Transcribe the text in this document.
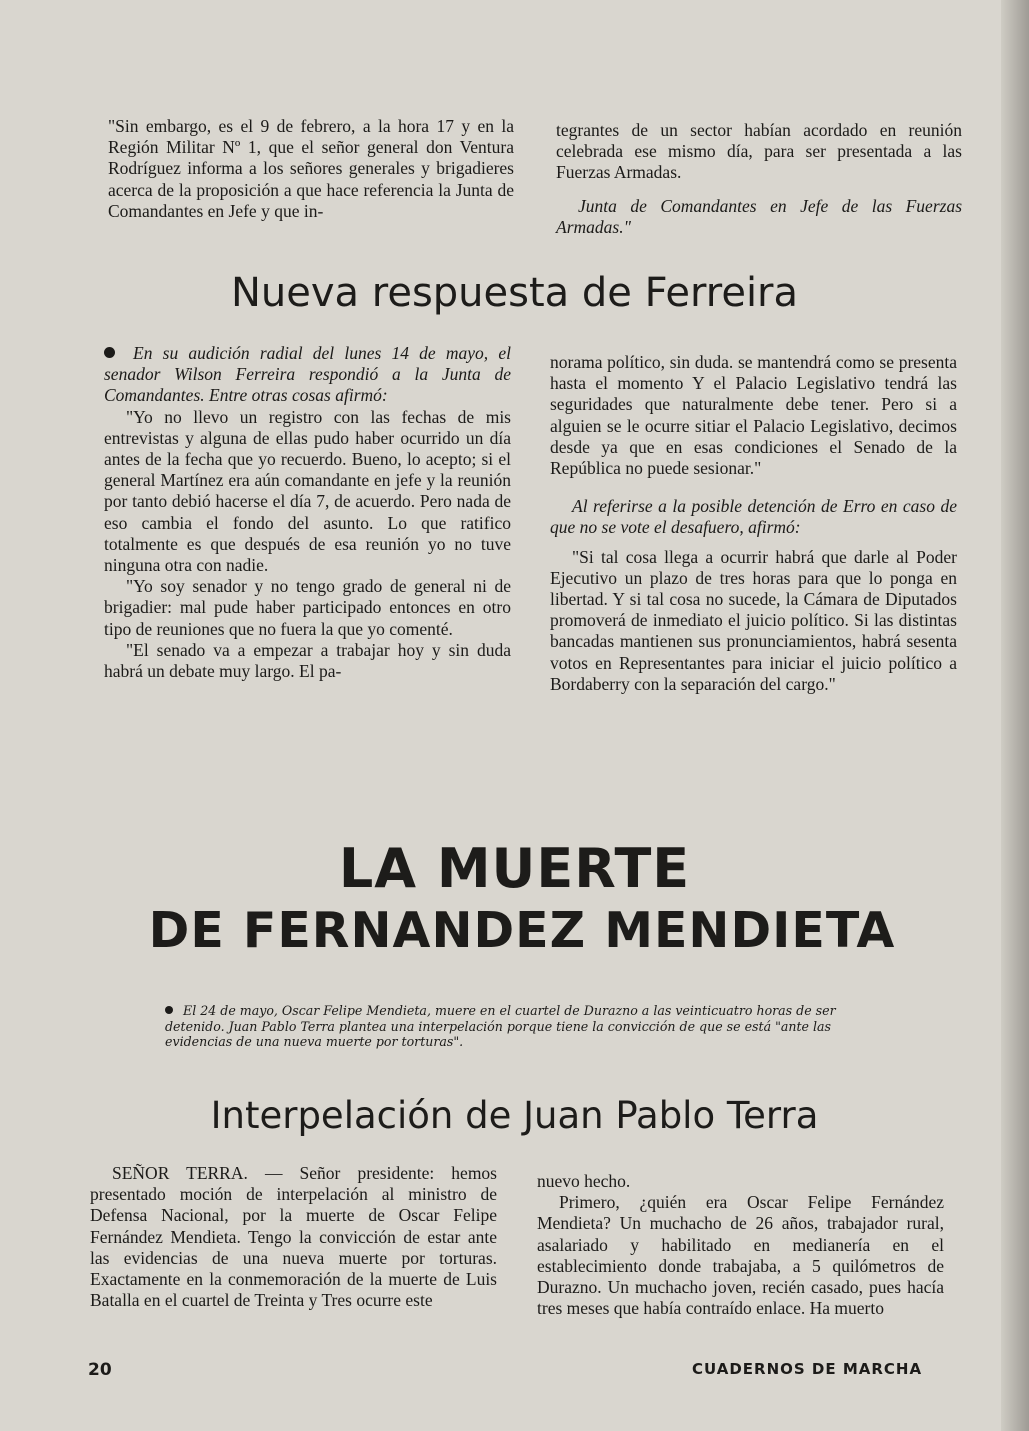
"Sin embargo, es el 9 de febrero, a la hora 17 y en la Región Militar Nº 1, que el señor general don Ventura Rodríguez informa a los señores generales y brigadieres acerca de la proposición a que hace referencia la Junta de Comandantes en Jefe y que in-

tegrantes de un sector habían acordado en reunión celebrada ese mismo día, para ser presentada a las Fuerzas Armadas.

Junta de Comandantes en Jefe de las Fuerzas Armadas."

Nueva respuesta de Ferreira

En su audición radial del lunes 14 de mayo, el senador Wilson Ferreira respondió a la Junta de Comandantes. Entre otras cosas afirmó:

"Yo no llevo un registro con las fechas de mis entrevistas y alguna de ellas pudo haber ocurrido un día antes de la fecha que yo recuerdo. Bueno, lo acepto; si el general Martínez era aún comandante en jefe y la reunión por tanto debió hacerse el día 7, de acuerdo. Pero nada de eso cambia el fondo del asunto. Lo que ratifico totalmente es que después de esa reunión yo no tuve ninguna otra con nadie.

"Yo soy senador y no tengo grado de general ni de brigadier: mal pude haber participado entonces en otro tipo de reuniones que no fuera la que yo comenté.

"El senado va a empezar a trabajar hoy y sin duda habrá un debate muy largo. El pa-

norama político, sin duda. se mantendrá como se presenta hasta el momento Y el Palacio Legislativo tendrá las seguridades que naturalmente debe tener. Pero si a alguien se le ocurre sitiar el Palacio Legislativo, decimos desde ya que en esas condiciones el Senado de la República no puede sesionar."

Al referirse a la posible detención de Erro en caso de que no se vote el desafuero, afirmó:

"Si tal cosa llega a ocurrir habrá que darle al Poder Ejecutivo un plazo de tres horas para que lo ponga en libertad. Y si tal cosa no sucede, la Cámara de Diputados promoverá de inmediato el juicio político. Si las distintas bancadas mantienen sus pronunciamientos, habrá sesenta votos en Representantes para iniciar el juicio político a Bordaberry con la separación del cargo."

LA MUERTE
DE FERNANDEZ MENDIETA
El 24 de mayo, Oscar Felipe Mendieta, muere en el cuartel de Durazno a las veinticuatro horas de ser detenido. Juan Pablo Terra plantea una interpelación porque tiene la convicción de que se está "ante las evidencias de una nueva muerte por torturas".
Interpelación de Juan Pablo Terra

SEÑOR TERRA. — Señor presidente: hemos presentado moción de interpelación al ministro de Defensa Nacional, por la muerte de Oscar Felipe Fernández Mendieta. Tengo la convicción de estar ante las evidencias de una nueva muerte por torturas. Exactamente en la conmemoración de la muerte de Luis Batalla en el cuartel de Treinta y Tres ocurre este

nuevo hecho.

Primero, ¿quién era Oscar Felipe Fernández Mendieta? Un muchacho de 26 años, trabajador rural, asalariado y habilitado en medianería en el establecimiento donde trabajaba, a 5 quilómetros de Durazno. Un muchacho joven, recién casado, pues hacía tres meses que había contraído enlace. Ha muerto

20	CUADERNOS DE MARCHA
